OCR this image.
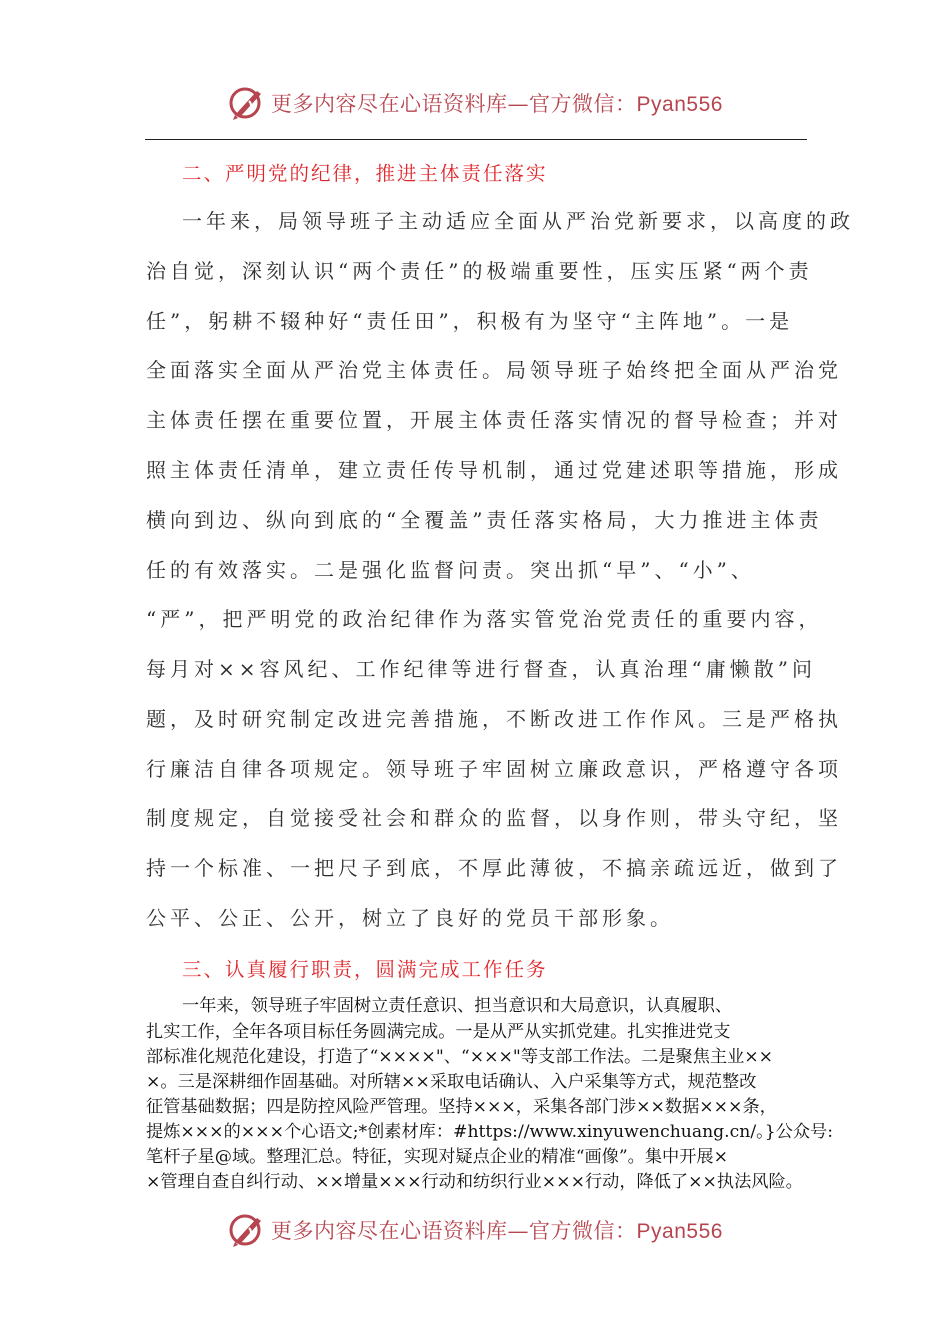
更多内容尽在心语资料库—官方微信：Pyan556
二、严明党的纪律，推进主体责任落实
一年来，局领导班子主动适应全面从严治党新要求，以高度的政
治自觉，深刻认识“两个责任”的极端重要性，压实压紧“两个责
任”，躬耕不辍种好“责任田”，积极有为坚守“主阵地”。一是
全面落实全面从严治党主体责任。局领导班子始终把全面从严治党
主体责任摆在重要位置，开展主体责任落实情况的督导检查；并对
照主体责任清单，建立责任传导机制，通过党建述职等措施，形成
横向到边、纵向到底的“全覆盖”责任落实格局，大力推进主体责
任的有效落实。二是强化监督问责。突出抓“早”、“小”、
“严”，把严明党的政治纪律作为落实管党治党责任的重要内容，
每月对××容风纪、工作纪律等进行督查，认真治理“庸懒散”问
题，及时研究制定改进完善措施，不断改进工作作风。三是严格执
行廉洁自律各项规定。领导班子牢固树立廉政意识，严格遵守各项
制度规定，自觉接受社会和群众的监督，以身作则，带头守纪，坚
持一个标准、一把尺子到底，不厚此薄彼，不搞亲疏远近，做到了
公平、公正、公开，树立了良好的党员干部形象。
三、认真履行职责，圆满完成工作任务
一年来，领导班子牢固树立责任意识、担当意识和大局意识，认真履职、
扎实工作，全年各项目标任务圆满完成。一是从严从实抓党建。扎实推进党支
部标准化规范化建设，打造了“××××"、“×××"等支部工作法。二是聚焦主业××
×。三是深耕细作固基础。对所辖××采取电话确认、入户采集等方式，规范整改
征管基础数据；四是防控风险严管理。坚持×××，采集各部门涉××数据×××条，
提炼×××的×××个心语文;*创素材库：#https://www.xinyuwenchuang.cn/。}公众号:
笔杆子星@域。整理汇总。特征，实现对疑点企业的精准“画像”。集中开展×
×管理自查自纠行动、××增量×××行动和纺织行业×××行动，降低了××执法风险。
更多内容尽在心语资料库—官方微信：Pyan556
